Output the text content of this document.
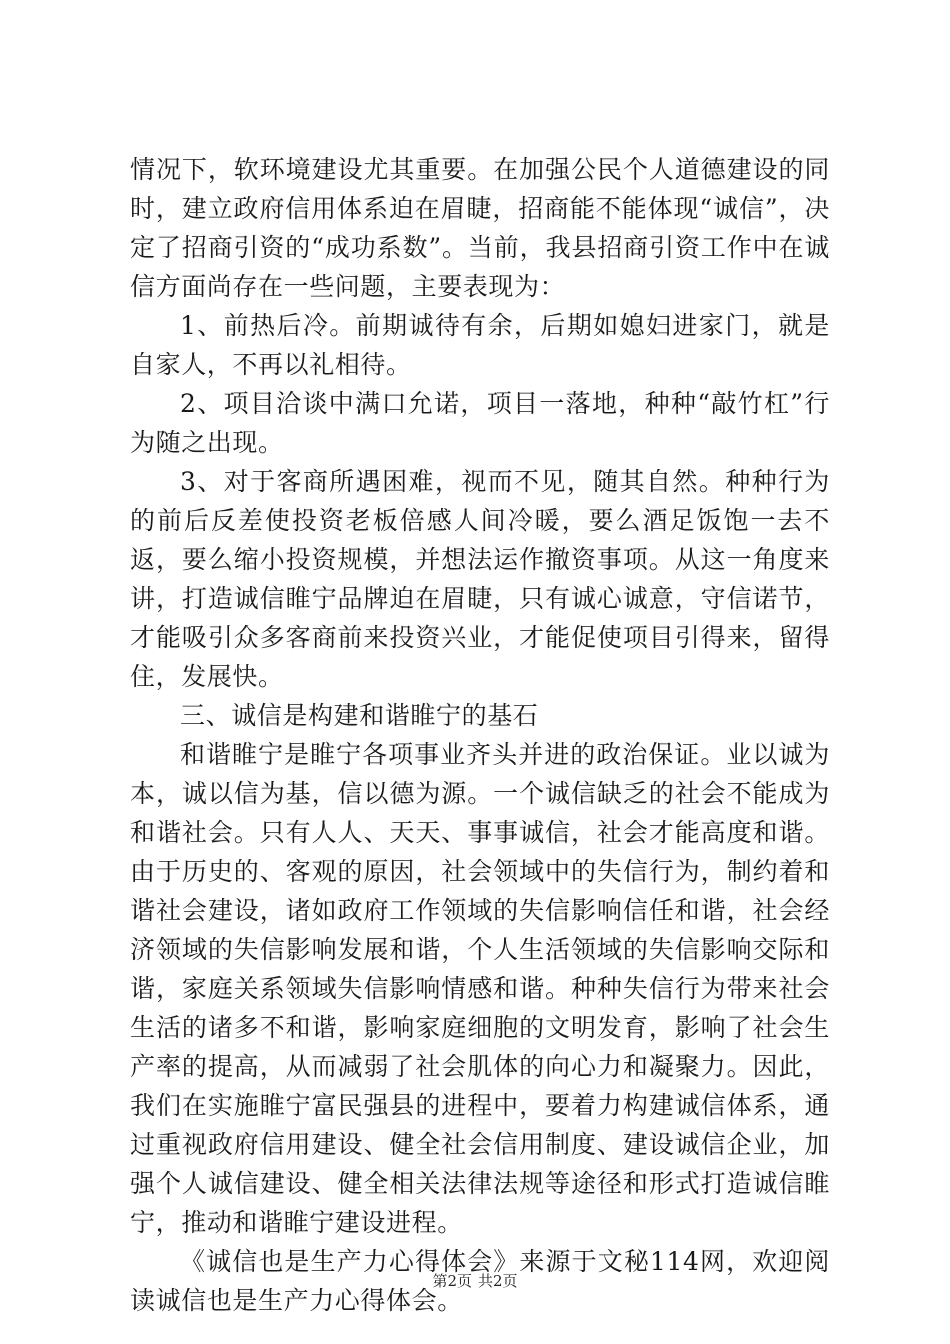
情况下，软环境建设尤其重要。在加强公民个人道德建设的同时，建立政府信用体系迫在眉睫，招商能不能体现“诚信”，决定了招商引资的“成功系数”。当前，我县招商引资工作中在诚信方面尚存在一些问题，主要表现为：

1、前热后冷。前期诚待有余，后期如媳妇进家门，就是自家人，不再以礼相待。

2、项目洽谈中满口允诺，项目一落地，种种“敲竹杠”行为随之出现。

3、对于客商所遇困难，视而不见，随其自然。种种行为的前后反差使投资老板倍感人间冷暖，要么酒足饭饱一去不返，要么缩小投资规模，并想法运作撤资事项。从这一角度来讲，打造诚信睢宁品牌迫在眉睫，只有诚心诚意，守信诺节，才能吸引众多客商前来投资兴业，才能促使项目引得来，留得住，发展快。

三、诚信是构建和谐睢宁的基石

和谐睢宁是睢宁各项事业齐头并进的政治保证。业以诚为本，诚以信为基，信以德为源。一个诚信缺乏的社会不能成为和谐社会。只有人人、天天、事事诚信，社会才能高度和谐。由于历史的、客观的原因，社会领域中的失信行为，制约着和谐社会建设，诸如政府工作领域的失信影响信任和谐，社会经济领域的失信影响发展和谐，个人生活领域的失信影响交际和谐，家庭关系领域失信影响情感和谐。种种失信行为带来社会生活的诸多不和谐，影响家庭细胞的文明发育，影响了社会生产率的提高，从而减弱了社会肌体的向心力和凝聚力。因此，我们在实施睢宁富民强县的进程中，要着力构建诚信体系，通过重视政府信用建设、健全社会信用制度、建设诚信企业，加强个人诚信建设、健全相关法律法规等途径和形式打造诚信睢宁，推动和谐睢宁建设进程。

《诚信也是生产力心得体会》来源于文秘114网，欢迎阅读诚信也是生产力心得体会。

第2页 共2页
